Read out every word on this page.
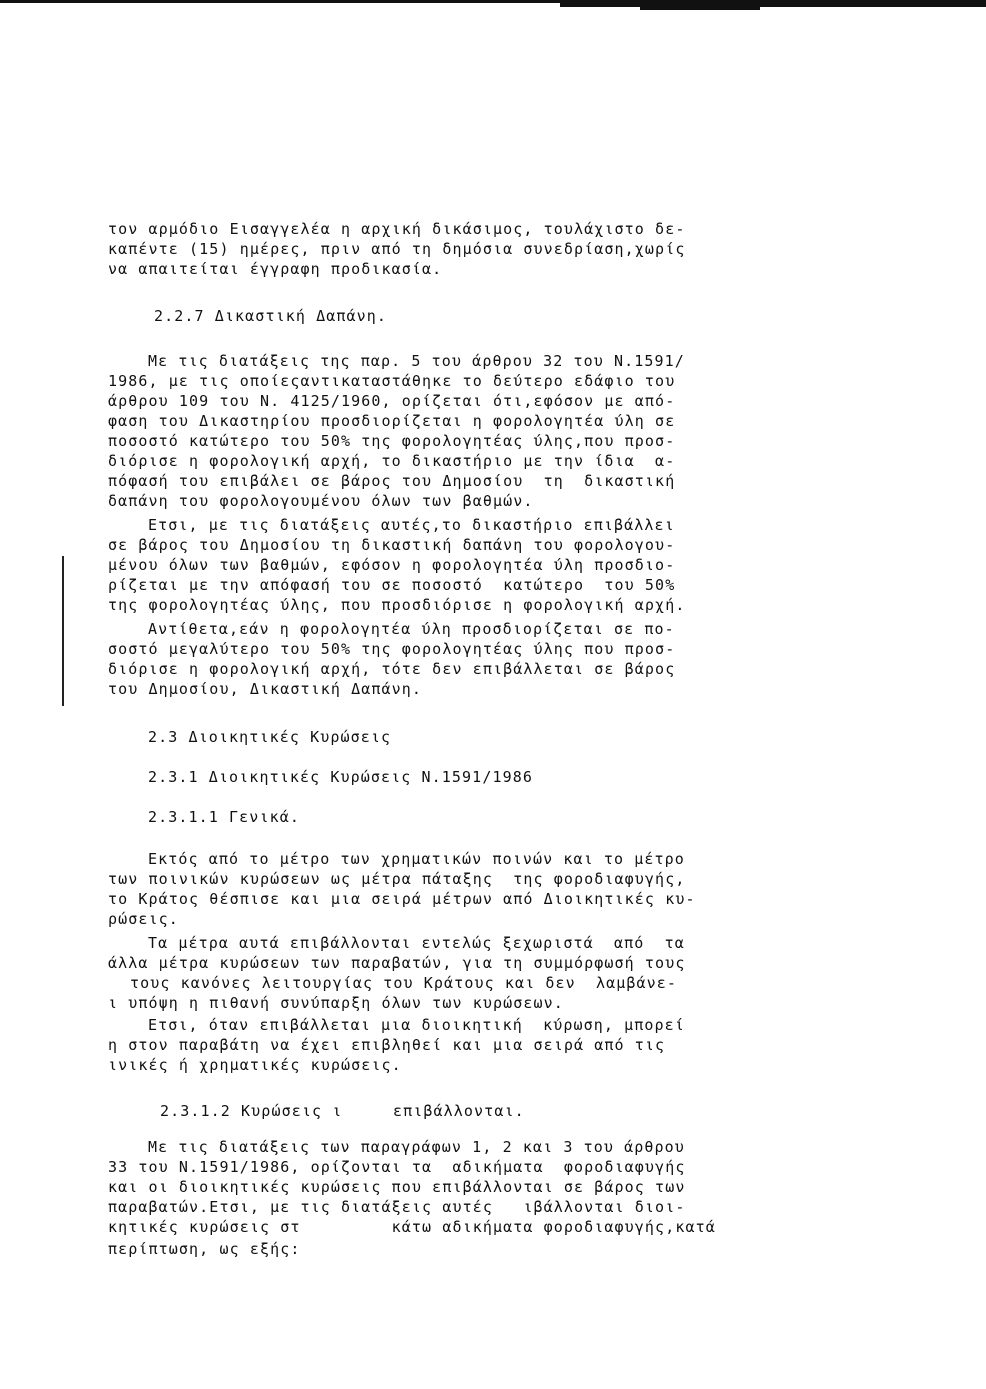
τον αρμόδιο Εισαγγελέα η αρχική δικάσιμος, τουλάχιστο δε-
καπέντε (15) ημέρες, πριν από τη δημόσια συνεδρίαση,χωρίς
να απαιτείται έγγραφη προδικασία.
2.2.7 Δικαστική Δαπάνη.
Με τις διατάξεις της παρ. 5 του άρθρου 32 του Ν.1591/
1986, με τις οποίεςαντικαταστάθηκε το δεύτερο εδάφιο του
άρθρου 109 του Ν. 4125/1960, ορίζεται ότι,εφόσον με από-
φαση του Δικαστηρίου προσδιορίζεται η φορολογητέα ύλη σε
ποσοστό κατώτερο του 50% της φορολογητέας ύλης,που προσ-
διόρισε η φορολογική αρχή, το δικαστήριο με την ίδια  α-
πόφασή του επιβάλει σε βάρος του Δημοσίου  τη  δικαστική
δαπάνη του φορολογουμένου όλων των βαθμών.
Ετσι, με τις διατάξεις αυτές,το δικαστήριο επιβάλλει
σε βάρος του Δημοσίου τη δικαστική δαπάνη του φορολογου-
μένου όλων των βαθμών, εφόσον η φορολογητέα ύλη προσδιο-
ρίζεται με την απόφασή του σε ποσοστό  κατώτερο  του 50%
της φορολογητέας ύλης, που προσδιόρισε η φορολογική αρχή.
Αντίθετα,εάν η φορολογητέα ύλη προσδιορίζεται σε πο-
σοστό μεγαλύτερο του 50% της φορολογητέας ύλης που προσ-
διόρισε η φορολογική αρχή, τότε δεν επιβάλλεται σε βάρος
του Δημοσίου, Δικαστική Δαπάνη.
2.3 Διοικητικές Κυρώσεις
2.3.1 Διοικητικές Κυρώσεις Ν.1591/1986
2.3.1.1 Γενικά.
Εκτός από το μέτρο των χρηματικών ποινών και το μέτρο
των ποινικών κυρώσεων ως μέτρα πάταξης  της φοροδιαφυγής,
το Κράτος θέσπισε και μια σειρά μέτρων από Διοικητικές κυ-
ρώσεις.
Τα μέτρα αυτά επιβάλλονται εντελώς ξεχωριστά  από  τα
άλλα μέτρα κυρώσεων των παραβατών, για τη συμμόρφωσή τους
τους κανόνες λειτουργίας του Κράτους και δεν  λαμβάνε-
ι υπόψη η πιθανή συνύπαρξη όλων των κυρώσεων.
Ετσι, όταν επιβάλλεται μια διοικητική  κύρωση, μπορεί
η στον παραβάτη να έχει επιβληθεί και μια σειρά από τις
ινικές ή χρηματικές κυρώσεις.
2.3.1.2 Κυρώσεις ι     επιβάλλονται.
Με τις διατάξεις των παραγράφων 1, 2 και 3 του άρθρου
33 του Ν.1591/1986, ορίζονται τα  αδικήματα  φοροδιαφυγής
και οι διοικητικές κυρώσεις που επιβάλλονται σε βάρος των
παραβατών.Ετσι, με τις διατάξεις αυτές   ιβάλλονται διοι-
κητικές κυρώσεις στ         κάτω αδικήματα φοροδιαφυγής,κατά
περίπτωση, ως εξής:
